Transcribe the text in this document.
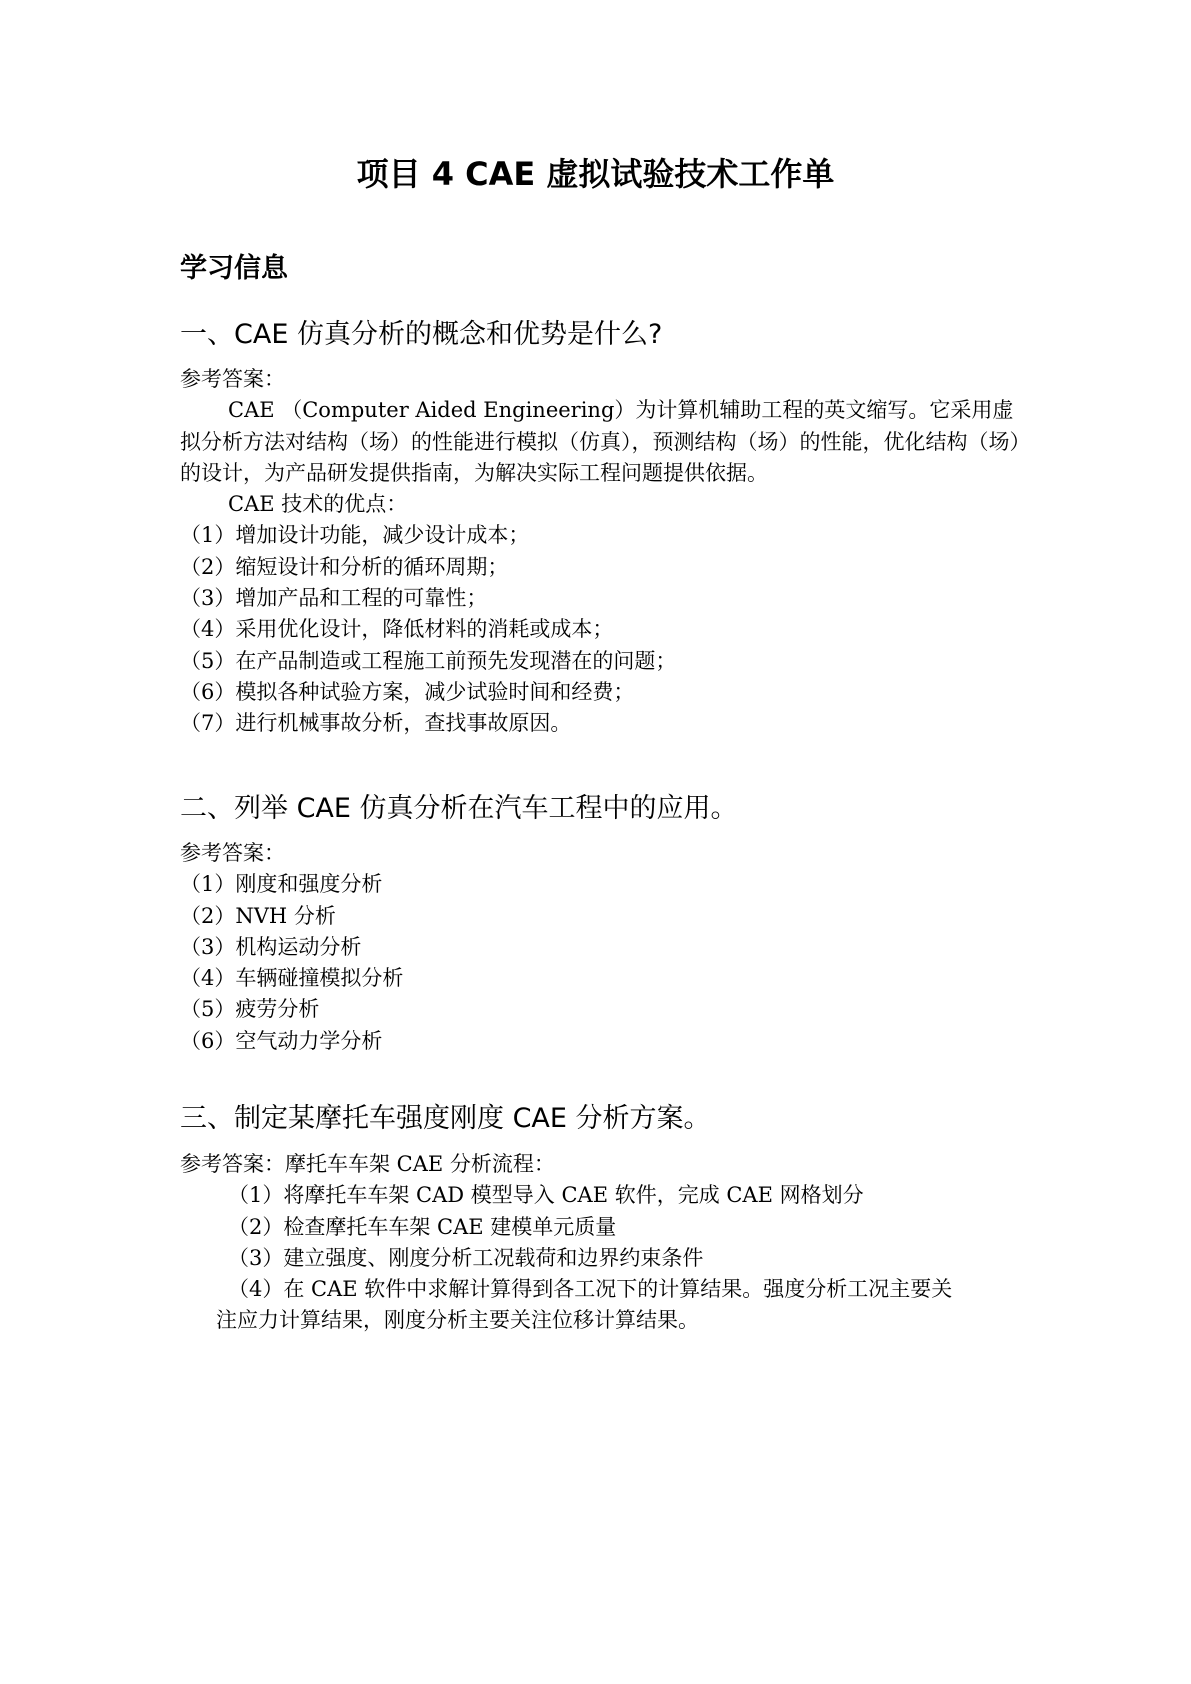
项目 4 CAE 虚拟试验技术工作单
学习信息
一、CAE 仿真分析的概念和优势是什么?

参考答案：

CAE （Computer Aided Engineering）为计算机辅助工程的英文缩写。它采用虚拟分析方法对结构（场）的性能进行模拟（仿真），预测结构（场）的性能，优化结构（场）的设计，为产品研发提供指南，为解决实际工程问题提供依据。

CAE 技术的优点：

（1）增加设计功能，减少设计成本；

（2）缩短设计和分析的循环周期；

（3）增加产品和工程的可靠性；

（4）采用优化设计，降低材料的消耗或成本；

（5）在产品制造或工程施工前预先发现潜在的问题；

（6）模拟各种试验方案，减少试验时间和经费；

（7）进行机械事故分析，查找事故原因。

二、列举 CAE 仿真分析在汽车工程中的应用。

参考答案：

（1）刚度和强度分析

（2）NVH 分析

（3）机构运动分析

（4）车辆碰撞模拟分析

（5）疲劳分析

（6）空气动力学分析

三、制定某摩托车强度刚度 CAE 分析方案。

参考答案：摩托车车架 CAE 分析流程：

（1）将摩托车车架 CAD 模型导入 CAE 软件，完成 CAE 网格划分

（2）检查摩托车车架 CAE 建模单元质量

（3）建立强度、刚度分析工况载荷和边界约束条件

（4）在 CAE 软件中求解计算得到各工况下的计算结果。强度分析工况主要关

注应力计算结果，刚度分析主要关注位移计算结果。
